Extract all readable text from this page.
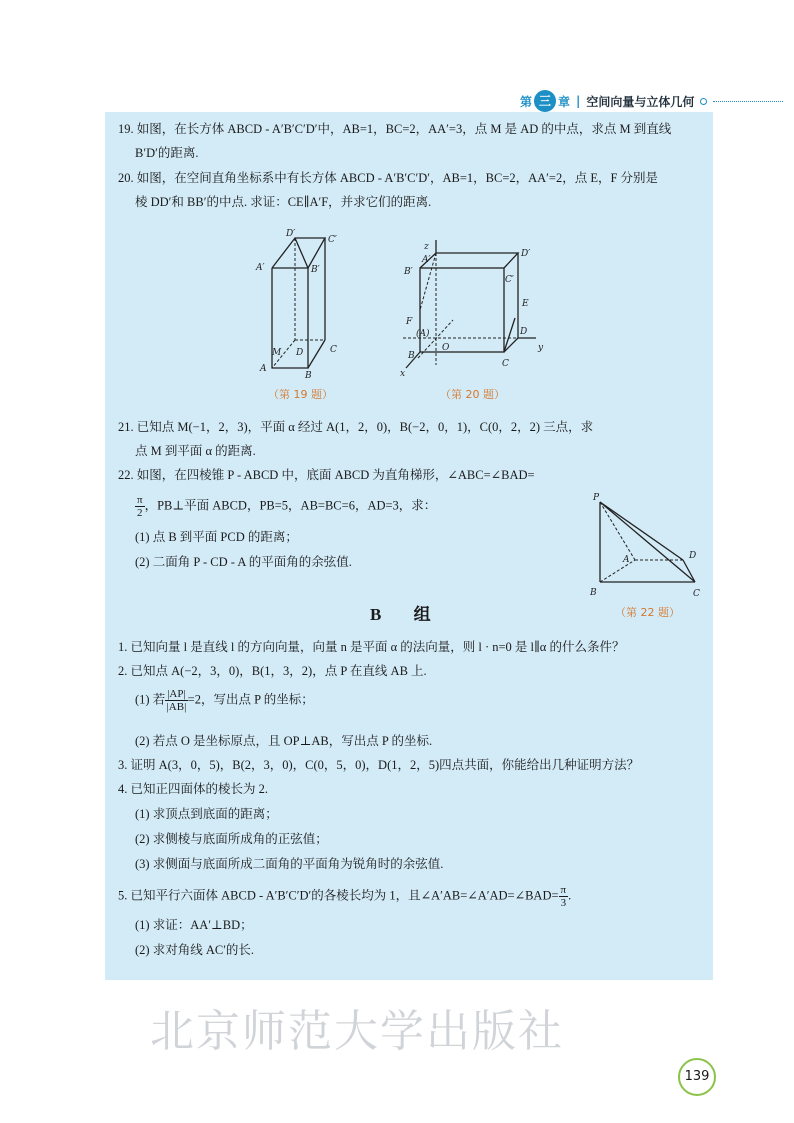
第 三 章 | 空间向量与立体几何
19. 如图，在长方体 ABCD - A′B′C′D′中，AB=1，BC=2，AA′=3，点 M 是 AD 的中点，求点 M 到直线
B′D′的距离.
20. 如图，在空间直角坐标系中有长方体 ABCD - A′B′C′D′，AB=1，BC=2，AA′=2，点 E，F 分别是
棱 DD′和 BB′的中点. 求证：CE∥A′F，并求它们的距离.
D′
C′
A′	B′
M D	C
A
B
（第 19 题）
z
A′
D′
B′
C′
E
F
(A)
O
D
y
B
C
x
（第 20 题）
21. 已知点 M(−1，2，3)，平面 α 经过 A(1，2，0)，B(−2，0，1)，C(0，2，2) 三点，求
点 M 到平面 α 的距离.
22. 如图，在四棱锥 P - ABCD 中，底面 ABCD 为直角梯形，∠ABC=∠BAD=
$\frac{\pi}{2}$ ，PB⊥平面 ABCD，PB=5，AB=BC=6，AD=3，求：
(1) 点 B 到平面 PCD 的距离；
(2) 二面角 P - CD - A 的平面角的余弦值.
P
A	D
B	C
（第 22 题）
B 组
1. 已知向量 l 是直线 l 的方向向量，向量 n 是平面 α 的法向量，则 l · n=0 是 l∥α 的什么条件？
2. 已知点 A(−2，3，0)，B(1，3，2)，点 P 在直线 AB 上.
(1) 若 $\frac{|AP|}{|AB|} =2$，写出点 P 的坐标；
(2) 若点 O 是坐标原点，且 OP⊥AB，写出点 P 的坐标.
3. 证明 A(3，0，5)，B(2，3，0)，C(0，5，0)，D(1，2，5)四点共面，你能给出几种证明方法？
4. 已知正四面体的棱长为 2.
(1) 求顶点到底面的距离；
(2) 求侧棱与底面所成角的正弦值；
(3) 求侧面与底面所成二面角的平面角为锐角时的余弦值.
5. 已知平行六面体 ABCD - A′B′C′D′的各棱长均为 1，且∠A′AB=∠A′AD=∠BAD= $\frac{\pi}{3}$ .
(1) 求证：AA′⊥BD；
(2) 求对角线 AC′的长.
北京师范大学出版社
139
